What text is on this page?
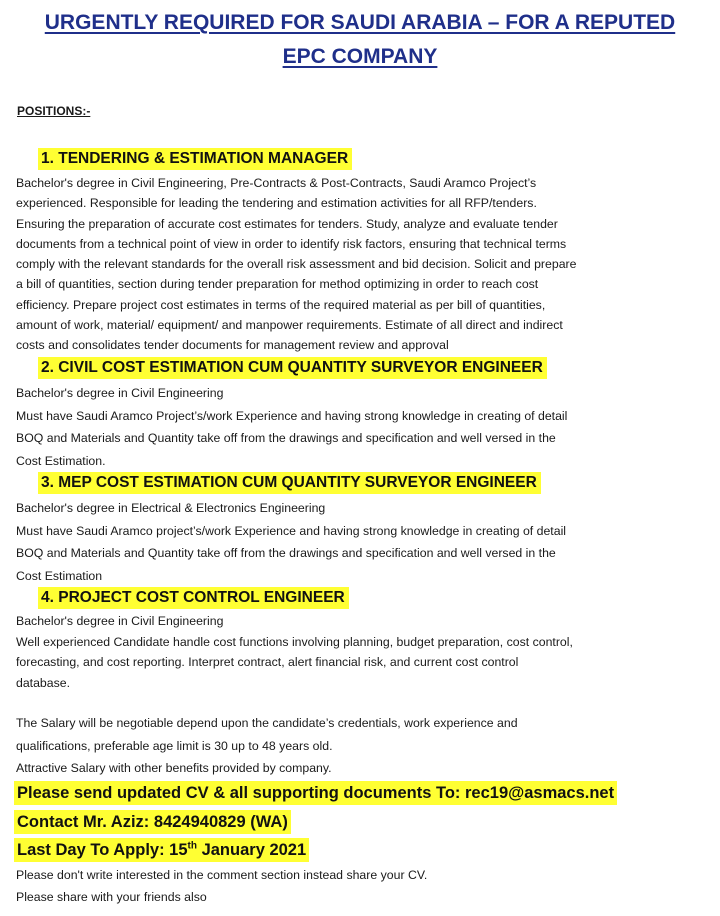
URGENTLY REQUIRED FOR SAUDI ARABIA – FOR A REPUTED
EPC COMPANY
POSITIONS:-
1. TENDERING & ESTIMATION MANAGER

Bachelor's degree in Civil Engineering, Pre-Contracts & Post-Contracts, Saudi Aramco Project’s

experienced. Responsible for leading the tendering and estimation activities for all RFP/tenders.

Ensuring the preparation of accurate cost estimates for tenders. Study, analyze and evaluate tender

documents from a technical point of view in order to identify risk factors, ensuring that technical terms

comply with the relevant standards for the overall risk assessment and bid decision. Solicit and prepare

a bill of quantities, section during tender preparation for method optimizing in order to reach cost

efficiency. Prepare project cost estimates in terms of the required material as per bill of quantities,

amount of work, material/ equipment/ and manpower requirements. Estimate of all direct and indirect

costs and consolidates tender documents for management review and approval

2. CIVIL COST ESTIMATION CUM QUANTITY SURVEYOR ENGINEER

Bachelor's degree in Civil Engineering

Must have Saudi Aramco Project’s/work Experience and having strong knowledge in creating of detail

BOQ and Materials and Quantity take off from the drawings and specification and well versed in the

Cost Estimation.

3. MEP COST ESTIMATION CUM QUANTITY SURVEYOR ENGINEER

Bachelor's degree in Electrical & Electronics Engineering

Must have Saudi Aramco project’s/work Experience and having strong knowledge in creating of detail

BOQ and Materials and Quantity take off from the drawings and specification and well versed in the

Cost Estimation

4. PROJECT COST CONTROL ENGINEER

Bachelor's degree in Civil Engineering

Well experienced Candidate handle cost functions involving planning, budget preparation, cost control,

forecasting, and cost reporting. Interpret contract, alert financial risk, and current cost control

database.

The Salary will be negotiable depend upon the candidate’s credentials, work experience and

qualifications, preferable age limit is 30 up to 48 years old.

Attractive Salary with other benefits provided by company.

Please send updated CV & all supporting documents To: rec19@asmacs.net
Contact Mr. Aziz: 8424940829 (WA)
Last Day To Apply: 15th January 2021
Please don't write interested in the comment section instead share your CV.
Please share with your friends also
